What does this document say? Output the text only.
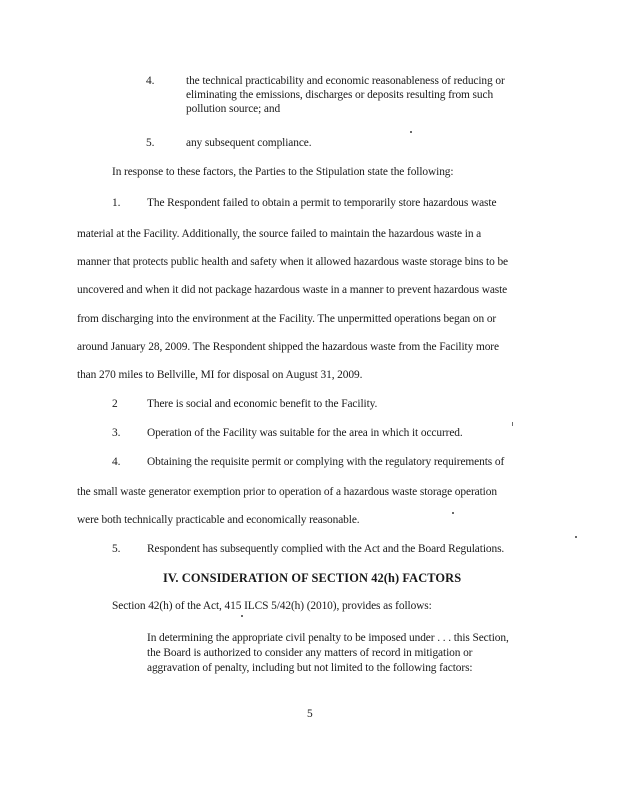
4.	the technical practicability and economic reasonableness of reducing or
eliminating the emissions, discharges or deposits resulting from such
pollution source; and
5.	any subsequent compliance.
In response to these factors, the Parties to the Stipulation state the following:
1. The Respondent failed to obtain a permit to temporarily store hazardous waste
material at the Facility. Additionally, the source failed to maintain the hazardous waste in a
manner that protects public health and safety when it allowed hazardous waste storage bins to be
uncovered and when it did not package hazardous waste in a manner to prevent hazardous waste
from discharging into the environment at the Facility. The unpermitted operations began on or
around January 28, 2009. The Respondent shipped the hazardous waste from the Facility more
than 270 miles to Bellville, MI for disposal on August 31, 2009.
2	There is social and economic benefit to the Facility.
3. Operation of the Facility was suitable for the area in which it occurred.
4. Obtaining the requisite permit or complying with the regulatory requirements of
the small waste generator exemption prior to operation of a hazardous waste storage operation
were both technically practicable and economically reasonable.
5. Respondent has subsequently complied with the Act and the Board Regulations.
IV. CONSIDERATION OF SECTION 42(h) FACTORS
Section 42(h) of the Act, 415 ILCS 5/42(h) (2010), provides as follows:
In determining the appropriate civil penalty to be imposed under . . . this Section,
the Board is authorized to consider any matters of record in mitigation or
aggravation of penalty, including but not limited to the following factors:
5
